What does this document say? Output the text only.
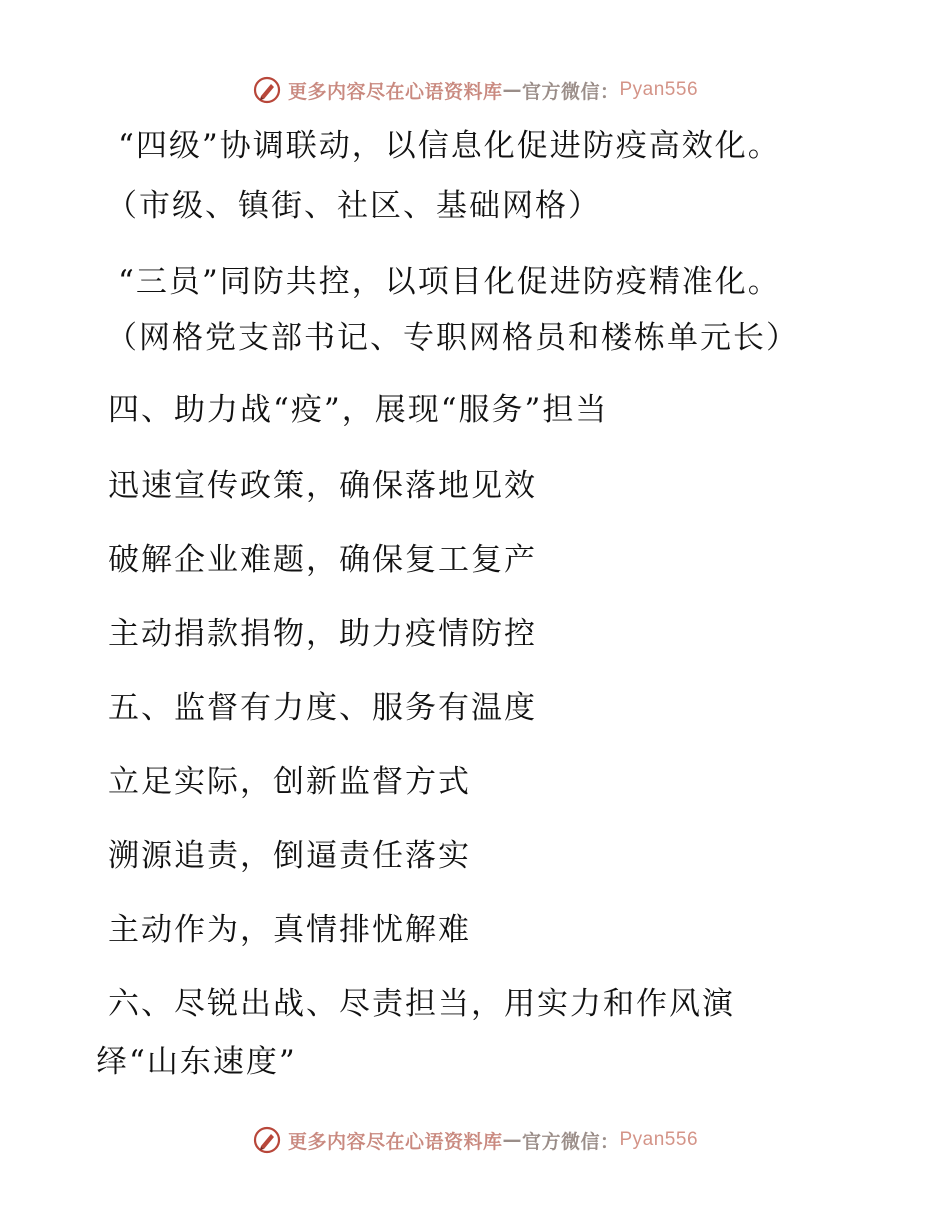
更多内容尽在心语资料库 — 官方微信： Pyan556
“四级”协调联动，以信息化促进防疫高效化。
（市级、镇街、社区、基础网格）
“三员”同防共控，以项目化促进防疫精准化。
（网格党支部书记、专职网格员和楼栋单元长）
四、助力战“疫”，展现“服务”担当
迅速宣传政策，确保落地见效
破解企业难题，确保复工复产
主动捐款捐物，助力疫情防控
五、监督有力度、服务有温度
立足实际，创新监督方式
溯源追责，倒逼责任落实
主动作为，真情排忧解难
六、尽锐出战、尽责担当，用实力和作风演
绎“山东速度”
更多内容尽在心语资料库 — 官方微信： Pyan556
